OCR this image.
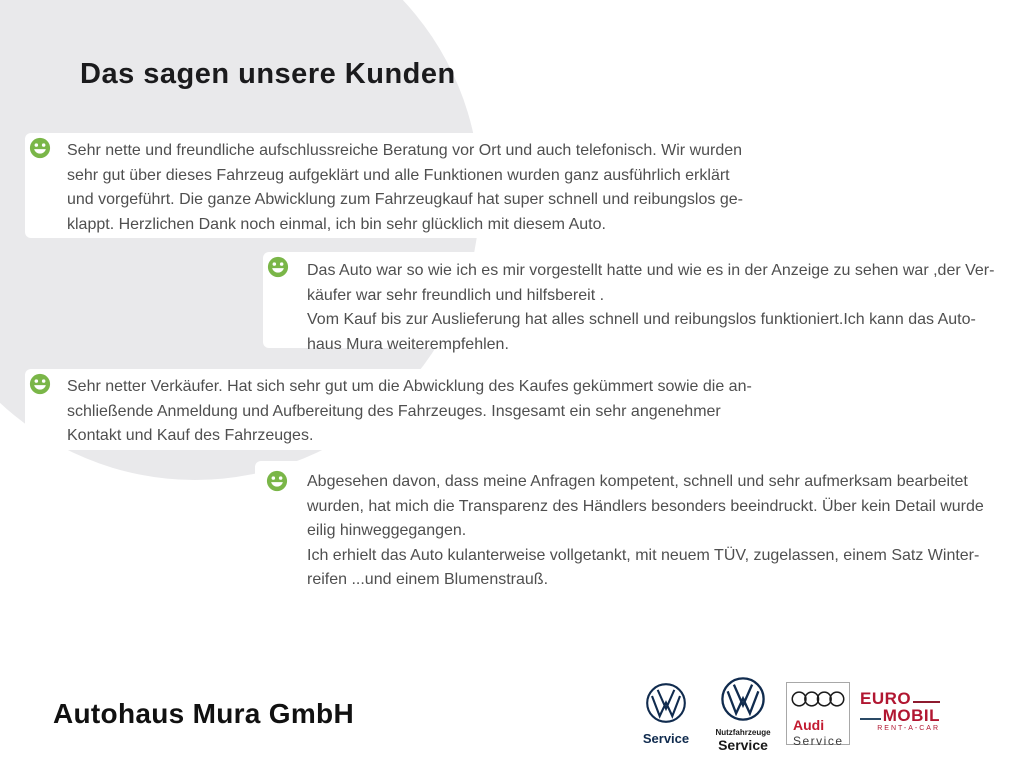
Das sagen unsere Kunden
Sehr nette und freundliche aufschlussreiche Beratung vor Ort und auch telefonisch. Wir wurden
sehr gut über dieses Fahrzeug aufgeklärt und alle Funktionen wurden ganz ausführlich erklärt
und vorgeführt. Die ganze Abwicklung zum Fahrzeugkauf hat super schnell und reibungslos ge-
klappt. Herzlichen Dank noch einmal, ich bin sehr glücklich mit diesem Auto.
Das Auto war so wie ich es mir vorgestellt hatte und wie es in der Anzeige zu sehen war ,der Ver-
käufer war sehr freundlich und hilfsbereit .
Vom Kauf bis zur Auslieferung hat alles schnell und reibungslos funktioniert.Ich kann das Auto-
haus Mura weiterempfehlen.
Sehr netter Verkäufer. Hat sich sehr gut um die Abwicklung des Kaufes gekümmert sowie die an-
schließende Anmeldung und Aufbereitung des Fahrzeuges. Insgesamt ein sehr angenehmer
Kontakt und Kauf des Fahrzeuges.
Abgesehen davon, dass meine Anfragen kompetent, schnell und sehr aufmerksam bearbeitet
wurden, hat mich die Transparenz des Händlers besonders beeindruckt. Über kein Detail wurde
eilig hinweggegangen.
Ich erhielt das Auto kulanterweise vollgetankt, mit neuem TÜV, zugelassen, einem Satz Winter-
reifen ...und einem Blumenstrauß.
Autohaus Mura GmbH
Service	Nutzfahrzeuge
Service
Audi
Service
EURO
MOBIL
RENT-A-CAR
